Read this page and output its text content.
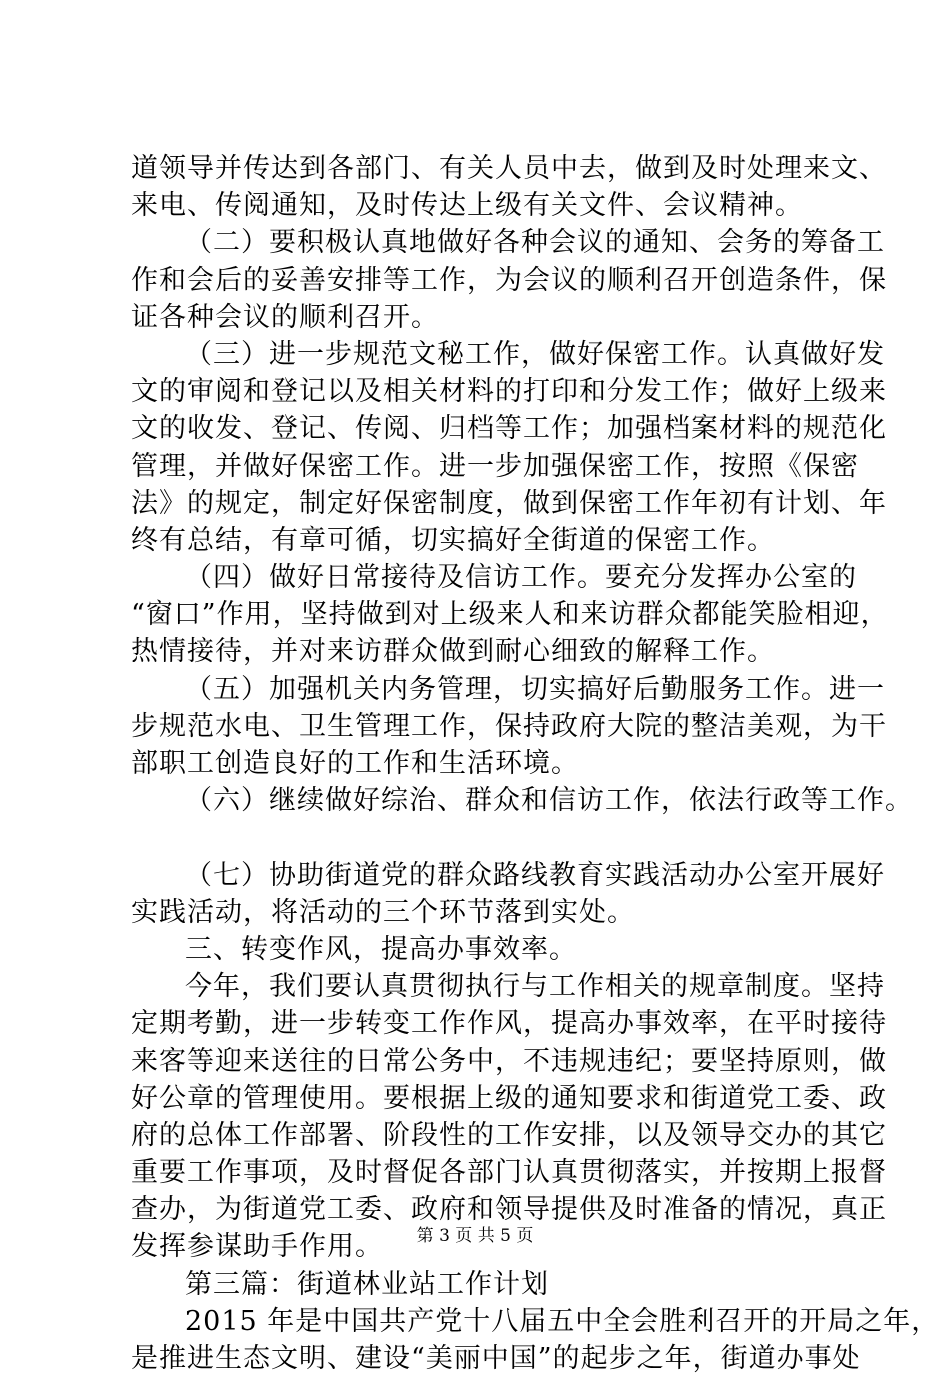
道领导并传达到各部门、有关人员中去，做到及时处理来文、
来电、传阅通知，及时传达上级有关文件、会议精神。
（二）要积极认真地做好各种会议的通知、会务的筹备工
作和会后的妥善安排等工作，为会议的顺利召开创造条件，保
证各种会议的顺利召开。
（三）进一步规范文秘工作，做好保密工作。认真做好发
文的审阅和登记以及相关材料的打印和分发工作；做好上级来
文的收发、登记、传阅、归档等工作；加强档案材料的规范化
管理，并做好保密工作。进一步加强保密工作，按照《保密
法》的规定，制定好保密制度，做到保密工作年初有计划、年
终有总结，有章可循，切实搞好全街道的保密工作。
（四）做好日常接待及信访工作。要充分发挥办公室的
“窗口”作用，坚持做到对上级来人和来访群众都能笑脸相迎，
热情接待，并对来访群众做到耐心细致的解释工作。
（五）加强机关内务管理，切实搞好后勤服务工作。进一
步规范水电、卫生管理工作，保持政府大院的整洁美观，为干
部职工创造良好的工作和生活环境。
（六）继续做好综治、群众和信访工作，依法行政等工作。
（七）协助街道党的群众路线教育实践活动办公室开展好
实践活动，将活动的三个环节落到实处。
三、转变作风，提高办事效率。
今年，我们要认真贯彻执行与工作相关的规章制度。坚持
定期考勤，进一步转变工作作风，提高办事效率，在平时接待
来客等迎来送往的日常公务中，不违规违纪；要坚持原则，做
好公章的管理使用。要根据上级的通知要求和街道党工委、政
府的总体工作部署、阶段性的工作安排，以及领导交办的其它
重要工作事项，及时督促各部门认真贯彻落实，并按期上报督
查办，为街道党工委、政府和领导提供及时准备的情况，真正
发挥参谋助手作用。
第三篇：街道林业站工作计划
2015 年是中国共产党十八届五中全会胜利召开的开局之年，
是推进生态文明、建设“美丽中国”的起步之年，街道办事处
第 3 页 共 5 页
